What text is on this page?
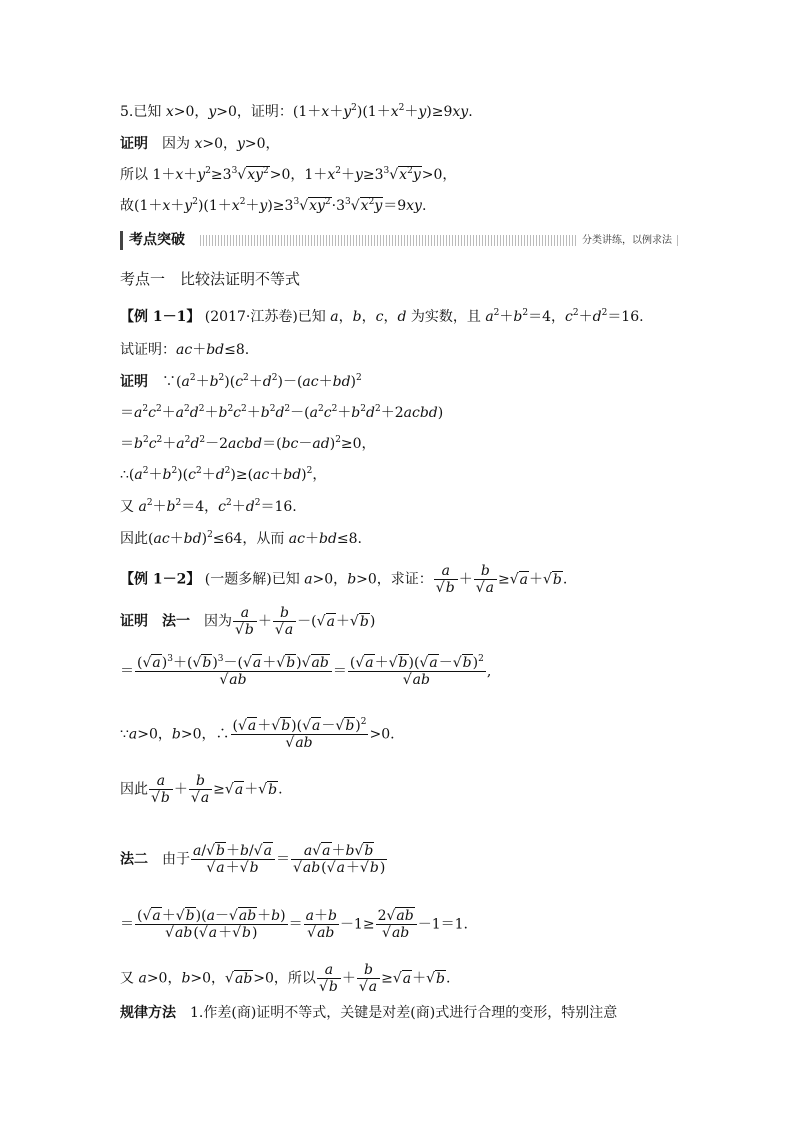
5.已知 x>0，y>0，证明：$(1+x+y^2)(1+x^2+y)\ge 9xy$.
证明　因为 x>0，y>0，
所以 $1+x+y^2\ge 3^3√xy^2>0$，$1+x^2+y\ge 3^3√x^2y>0$，
故$(1+x+y^2)(1+x^2+y)\ge 3^3√xy^2\cdot 3^3√x^2y=9xy$.
考点突破	分类讲练，以例求法
考点一　比较法证明不等式
【例 1－1】 (2017·江苏卷)已知 a，b，c，d 为实数，且 $a^2+b^2=4$，$c^2+d^2=16$.
试证明：ac＋bd≤8.
证明　$\because(a^2+b^2)(c^2+d^2)-(ac+bd)^2$
$=a^2c^2+a^2d^2+b^2c^2+b^2d^2-(a^2c^2+b^2d^2+2acbd)$
$=b^2c^2+a^2d^2-2acbd=(bc-ad)^2\ge 0$，
$\therefore(a^2+b^2)(c^2+d^2)\ge(ac+bd)^2$，
又 $a^2+b^2=4$，$c^2+d^2=16$.
因此$(ac+bd)^2\le 64$，从而 ac＋bd≤8.
【例 1－2】 (一题多解)已知 a>0，b>0，求证： $\frac{a}{√b} + \frac{b}{√a} \ge√a+√b$.
证明　 法一　因为 $\frac{a}{√b} + \frac{b}{√a} -(√a+√b)$
＝ $\frac{(√a)^3+(√b)^3-(√a+√b)√ab}{√ab} = \frac{(√a+√b)(√a-√b)^2}{√ab}$ ,
∵a>0，b>0，∴ $\frac{(√a+√b)(√a-√b)^2}{√ab} >0$.
因此 $\frac{a}{√b} + \frac{b}{√a} \ge√a+√b$.
法二　由于 $\frac{a/√b+b/√a}{√a+√b} = \frac{a√a+b√b}{√ab(√a+√b)}$
＝ $\frac{(√a+√b)(a-√ab+b)}{√ab(√a+√b)} = \frac{a+b}{√ab} -1\ge \frac{2√ab}{√ab} -1=1$.
又 a>0，b>0，√ab>0，所以 $\frac{a}{√b} + \frac{b}{√a} \ge√a+√b$.
规律方法　 1.作差(商)证明不等式，关键是对差(商)式进行合理的变形，特别注意
